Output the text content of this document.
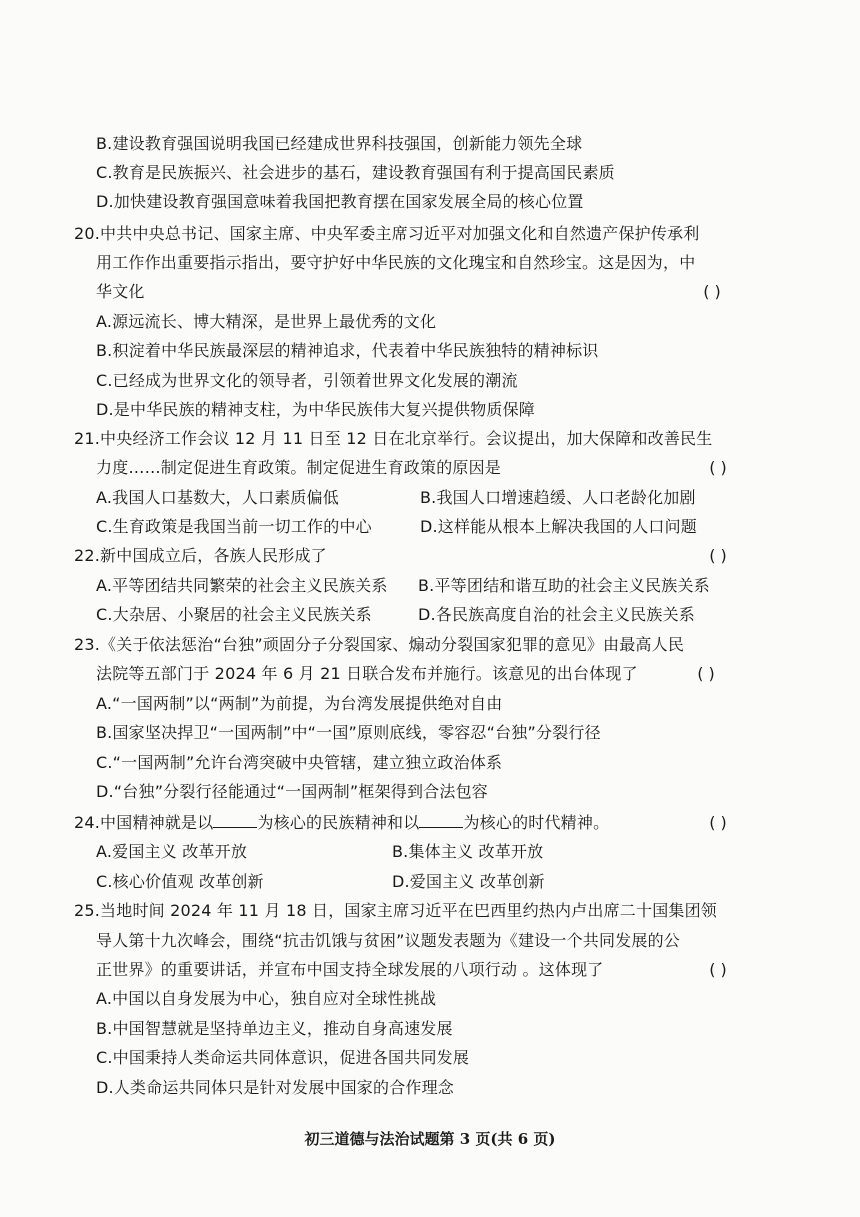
B.建设教育强国说明我国已经建成世界科技强国，创新能力领先全球
C.教育是民族振兴、社会进步的基石，建设教育强国有利于提高国民素质
D.加快建设教育强国意味着我国把教育摆在国家发展全局的核心位置
20.中共中央总书记、国家主席、中央军委主席习近平对加强文化和自然遗产保护传承利
用工作作出重要指示指出，要守护好中华民族的文化瑰宝和自然珍宝。这是因为，中
华文化	( )
A.源远流长、博大精深，是世界上最优秀的文化
B.积淀着中华民族最深层的精神追求，代表着中华民族独特的精神标识
C.已经成为世界文化的领导者，引领着世界文化发展的潮流
D.是中华民族的精神支柱，为中华民族伟大复兴提供物质保障
21.中央经济工作会议 12 月 11 日至 12 日在北京举行。会议提出，加大保障和改善民生
力度……制定促进生育政策。制定促进生育政策的原因是	( )
A.我国人口基数大，人口素质偏低	B.我国人口增速趋缓、人口老龄化加剧
C.生育政策是我国当前一切工作的中心	D.这样能从根本上解决我国的人口问题
22.新中国成立后，各族人民形成了	( )
A.平等团结共同繁荣的社会主义民族关系 B.平等团结和谐互助的社会主义民族关系
C.大杂居、小聚居的社会主义民族关系	D.各民族高度自治的社会主义民族关系
23.《关于依法惩治“台独”顽固分子分裂国家、煽动分裂国家犯罪的意见》由最高人民
法院等五部门于 2024 年 6 月 21 日联合发布并施行。该意见的出台体现了	( )
A.“一国两制”以“两制”为前提，为台湾发展提供绝对自由
B.国家坚决捍卫“一国两制”中“一国”原则底线，零容忍“台独”分裂行径
C.“一国两制”允许台湾突破中央管辖，建立独立政治体系
D.“台独”分裂行径能通过“一国两制”框架得到合法包容
24.中国精神就是以	为核心的民族精神和以	为核心的时代精神。	( )
A.爱国主义 改革开放	B.集体主义 改革开放
C.核心价值观 改革创新	D.爱国主义 改革创新
25.当地时间 2024 年 11 月 18 日，国家主席习近平在巴西里约热内卢出席二十国集团领
导人第十九次峰会，围绕“抗击饥饿与贫困”议题发表题为《建设一个共同发展的公
正世界》的重要讲话，并宣布中国支持全球发展的八项行动 。这体现了	( )
A.中国以自身发展为中心，独自应对全球性挑战
B.中国智慧就是坚持单边主义，推动自身高速发展
C.中国秉持人类命运共同体意识，促进各国共同发展
D.人类命运共同体只是针对发展中国家的合作理念
初三道德与法治试题第 3 页(共 6 页)
